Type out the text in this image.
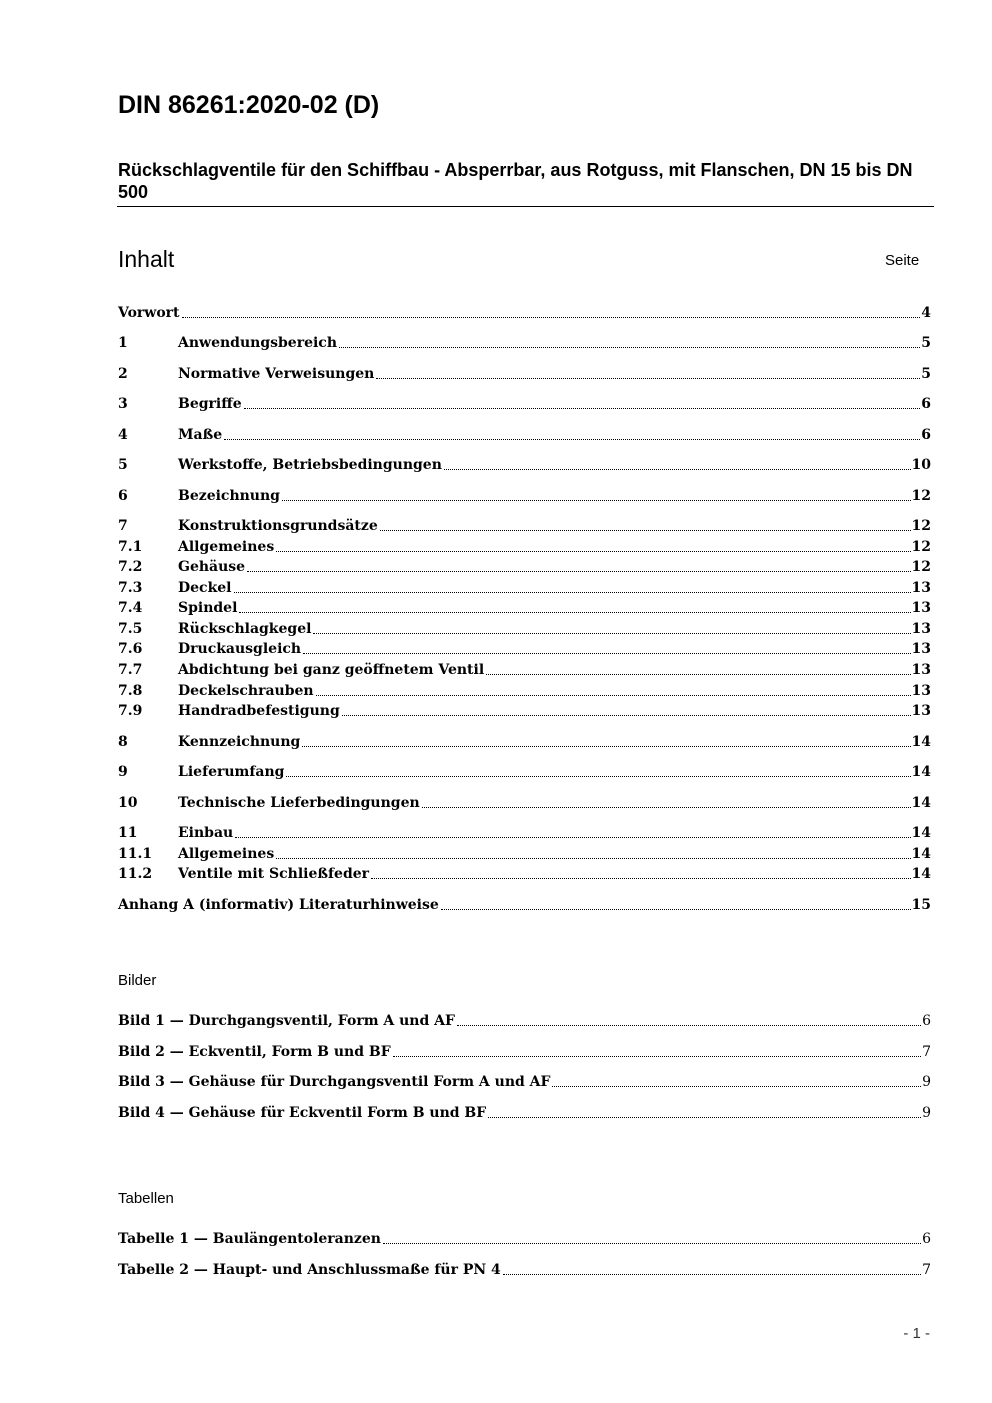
DIN 86261:2020-02 (D)
Rückschlagventile für den Schiffbau - Absperrbar, aus Rotguss, mit Flanschen, DN 15 bis DN 500
Inhalt	Seite
Vorwort	4
1	Anwendungsbereich	5
2	Normative Verweisungen	5
3	Begriffe	6
4	Maße	6
5	Werkstoffe, Betriebsbedingungen	10
6	Bezeichnung	12
7	Konstruktionsgrundsätze	12
7.1	Allgemeines	12
7.2	Gehäuse	12
7.3	Deckel	13
7.4	Spindel	13
7.5	Rückschlagkegel	13
7.6	Druckausgleich	13
7.7	Abdichtung bei ganz geöffnetem Ventil	13
7.8	Deckelschrauben	13
7.9	Handradbefestigung	13
8	Kennzeichnung	14
9	Lieferumfang	14
10	Technische Lieferbedingungen	14
11	Einbau	14
11.1	Allgemeines	14
11.2	Ventile mit Schließfeder	14
Anhang A (informativ) Literaturhinweise	15
Bilder
Bild 1 — Durchgangsventil, Form A und AF	6
Bild 2 — Eckventil, Form B und BF	7
Bild 3 — Gehäuse für Durchgangsventil Form A und AF	9
Bild 4 — Gehäuse für Eckventil Form B und BF	9
Tabellen
Tabelle 1 — Baulängentoleranzen	6
Tabelle 2 — Haupt- und Anschlussmaße für PN 4	7
- 1 -
